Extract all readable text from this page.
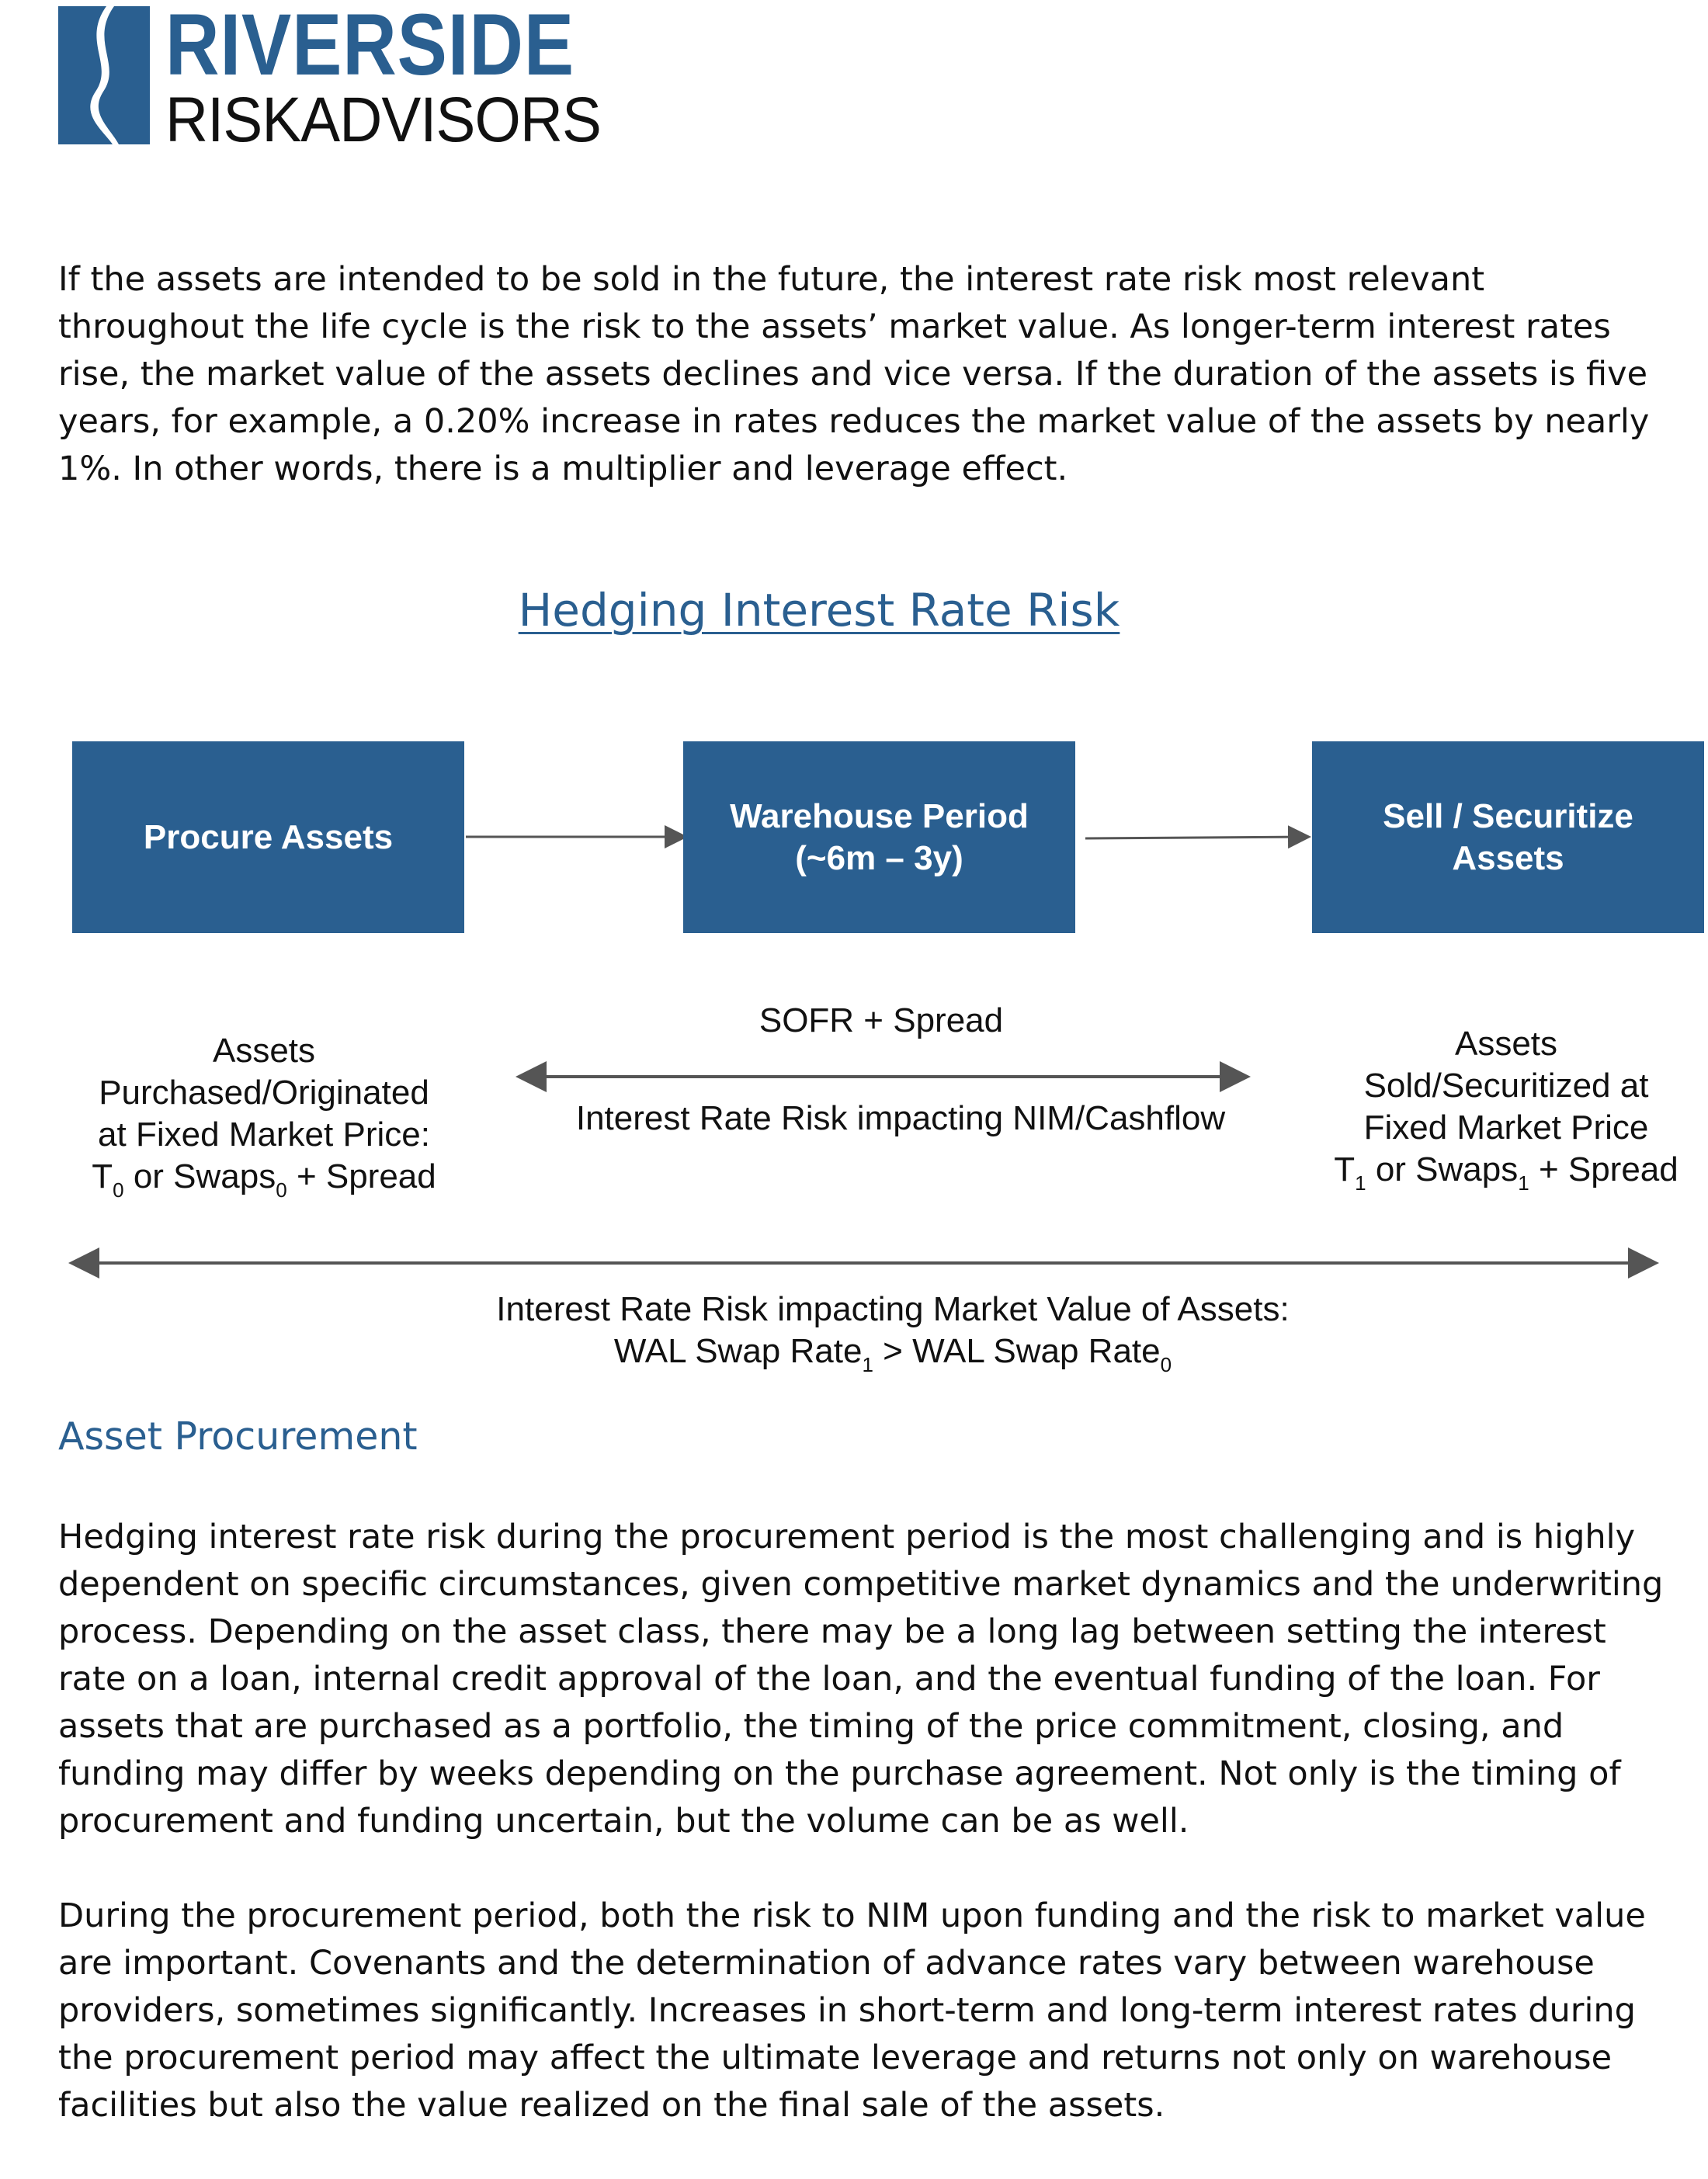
RIVERSIDE
RISKADVISORS

If the assets are intended to be sold in the future, the interest rate risk most relevant throughout the life cycle is the risk to the assets’ market value. As longer-term interest rates rise, the market value of the assets declines and vice versa. If the duration of the assets is five years, for example, a 0.20% increase in rates reduces the market value of the assets by nearly 1%. In other words, there is a multiplier and leverage effect.

Hedging Interest Rate Risk
Procure Assets
Warehouse Period
(~6m – 3y)
Sell / Securitize
Assets
Assets
Purchased/Originated
at Fixed Market Price:
$T_0$ or Swaps$_0$ + Spread
SOFR + Spread
Interest Rate Risk impacting NIM/Cashflow
Assets
Sold/Securitized at
Fixed Market Price
$T_1$ or Swaps$_1$ + Spread
Interest Rate Risk impacting Market Value of Assets:
WAL Swap Rate$_1$ > WAL Swap Rate$_0$
Asset Procurement

Hedging interest rate risk during the procurement period is the most challenging and is highly dependent on specific circumstances, given competitive market dynamics and the underwriting process. Depending on the asset class, there may be a long lag between setting the interest rate on a loan, internal credit approval of the loan, and the eventual funding of the loan. For assets that are purchased as a portfolio, the timing of the price commitment, closing, and funding may differ by weeks depending on the purchase agreement. Not only is the timing of procurement and funding uncertain, but the volume can be as well.

During the procurement period, both the risk to NIM upon funding and the risk to market value are important. Covenants and the determination of advance rates vary between warehouse providers, sometimes significantly. Increases in short-term and long-term interest rates during the procurement period may affect the ultimate leverage and returns not only on warehouse facilities but also the value realized on the final sale of the assets.
